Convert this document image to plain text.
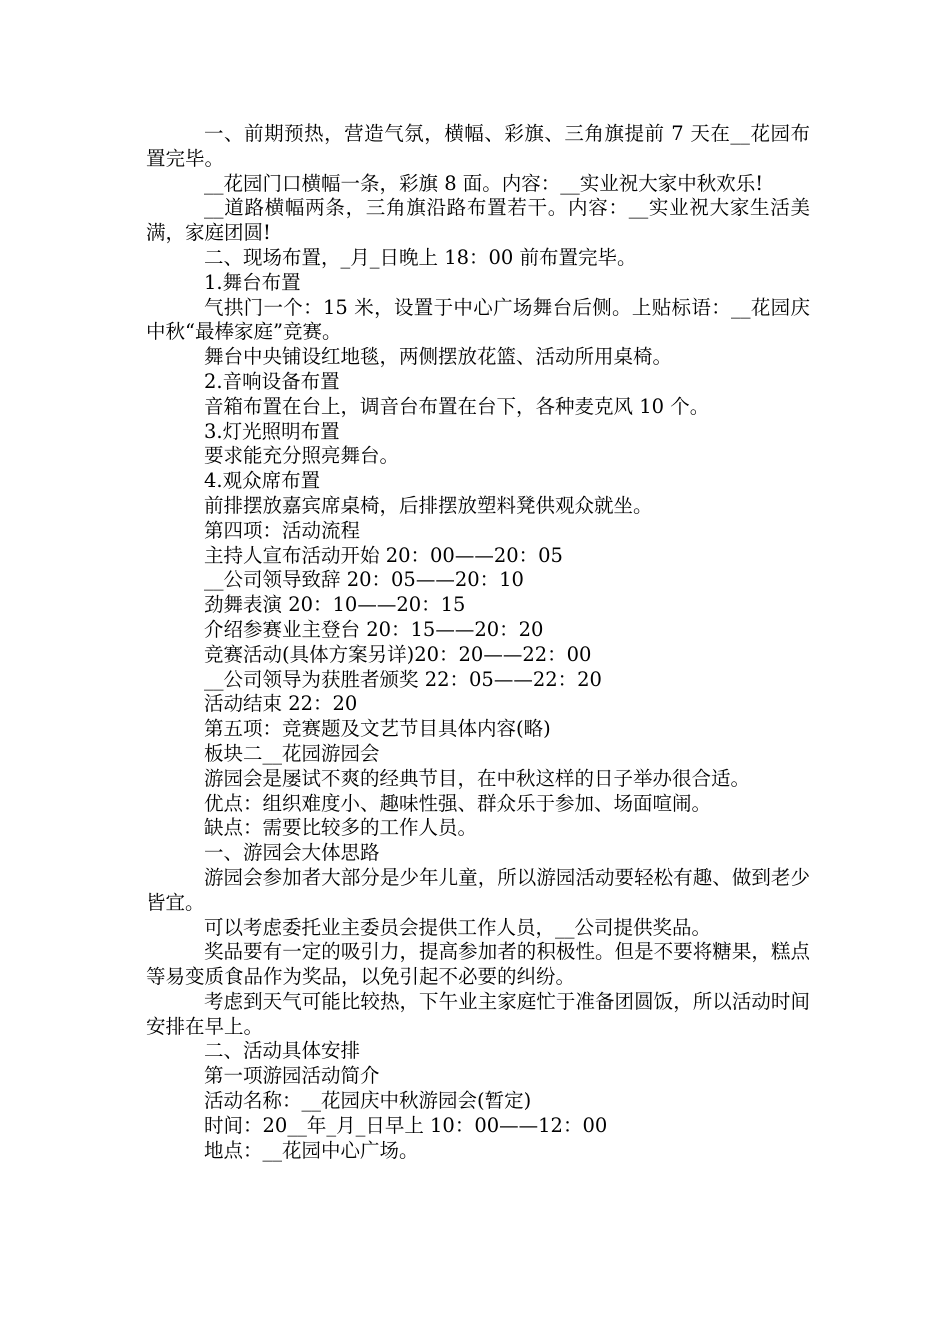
一、前期预热，营造气氛，横幅、彩旗、三角旗提前 7 天在__花园布置完毕。

__花园门口横幅一条，彩旗 8 面。内容：__实业祝大家中秋欢乐!

__道路横幅两条，三角旗沿路布置若干。内容：__实业祝大家生活美满，家庭团圆!

二、现场布置，_月_日晚上 18：00 前布置完毕。

1.舞台布置

气拱门一个：15 米，设置于中心广场舞台后侧。上贴标语：__花园庆中秋“最棒家庭”竞赛。

舞台中央铺设红地毯，两侧摆放花篮、活动所用桌椅。

2.音响设备布置

音箱布置在台上，调音台布置在台下，各种麦克风 10 个。

3.灯光照明布置

要求能充分照亮舞台。

4.观众席布置

前排摆放嘉宾席桌椅，后排摆放塑料凳供观众就坐。

第四项：活动流程

主持人宣布活动开始 20：00——20：05

__公司领导致辞 20：05——20：10

劲舞表演 20：10——20：15

介绍参赛业主登台 20：15——20：20

竞赛活动(具体方案另详)20：20——22：00

__公司领导为获胜者颁奖 22：05——22：20

活动结束 22：20

第五项：竞赛题及文艺节目具体内容(略)

板块二__花园游园会

游园会是屡试不爽的经典节目，在中秋这样的日子举办很合适。

优点：组织难度小、趣味性强、群众乐于参加、场面喧闹。

缺点：需要比较多的工作人员。

一、游园会大体思路

游园会参加者大部分是少年儿童，所以游园活动要轻松有趣、做到老少皆宜。

可以考虑委托业主委员会提供工作人员，__公司提供奖品。

奖品要有一定的吸引力，提高参加者的积极性。但是不要将糖果，糕点等易变质食品作为奖品，以免引起不必要的纠纷。

考虑到天气可能比较热，下午业主家庭忙于准备团圆饭，所以活动时间安排在早上。

二、活动具体安排

第一项游园活动简介

活动名称：__花园庆中秋游园会(暂定)

时间：20__年_月_日早上 10：00——12：00

地点：__花园中心广场。
